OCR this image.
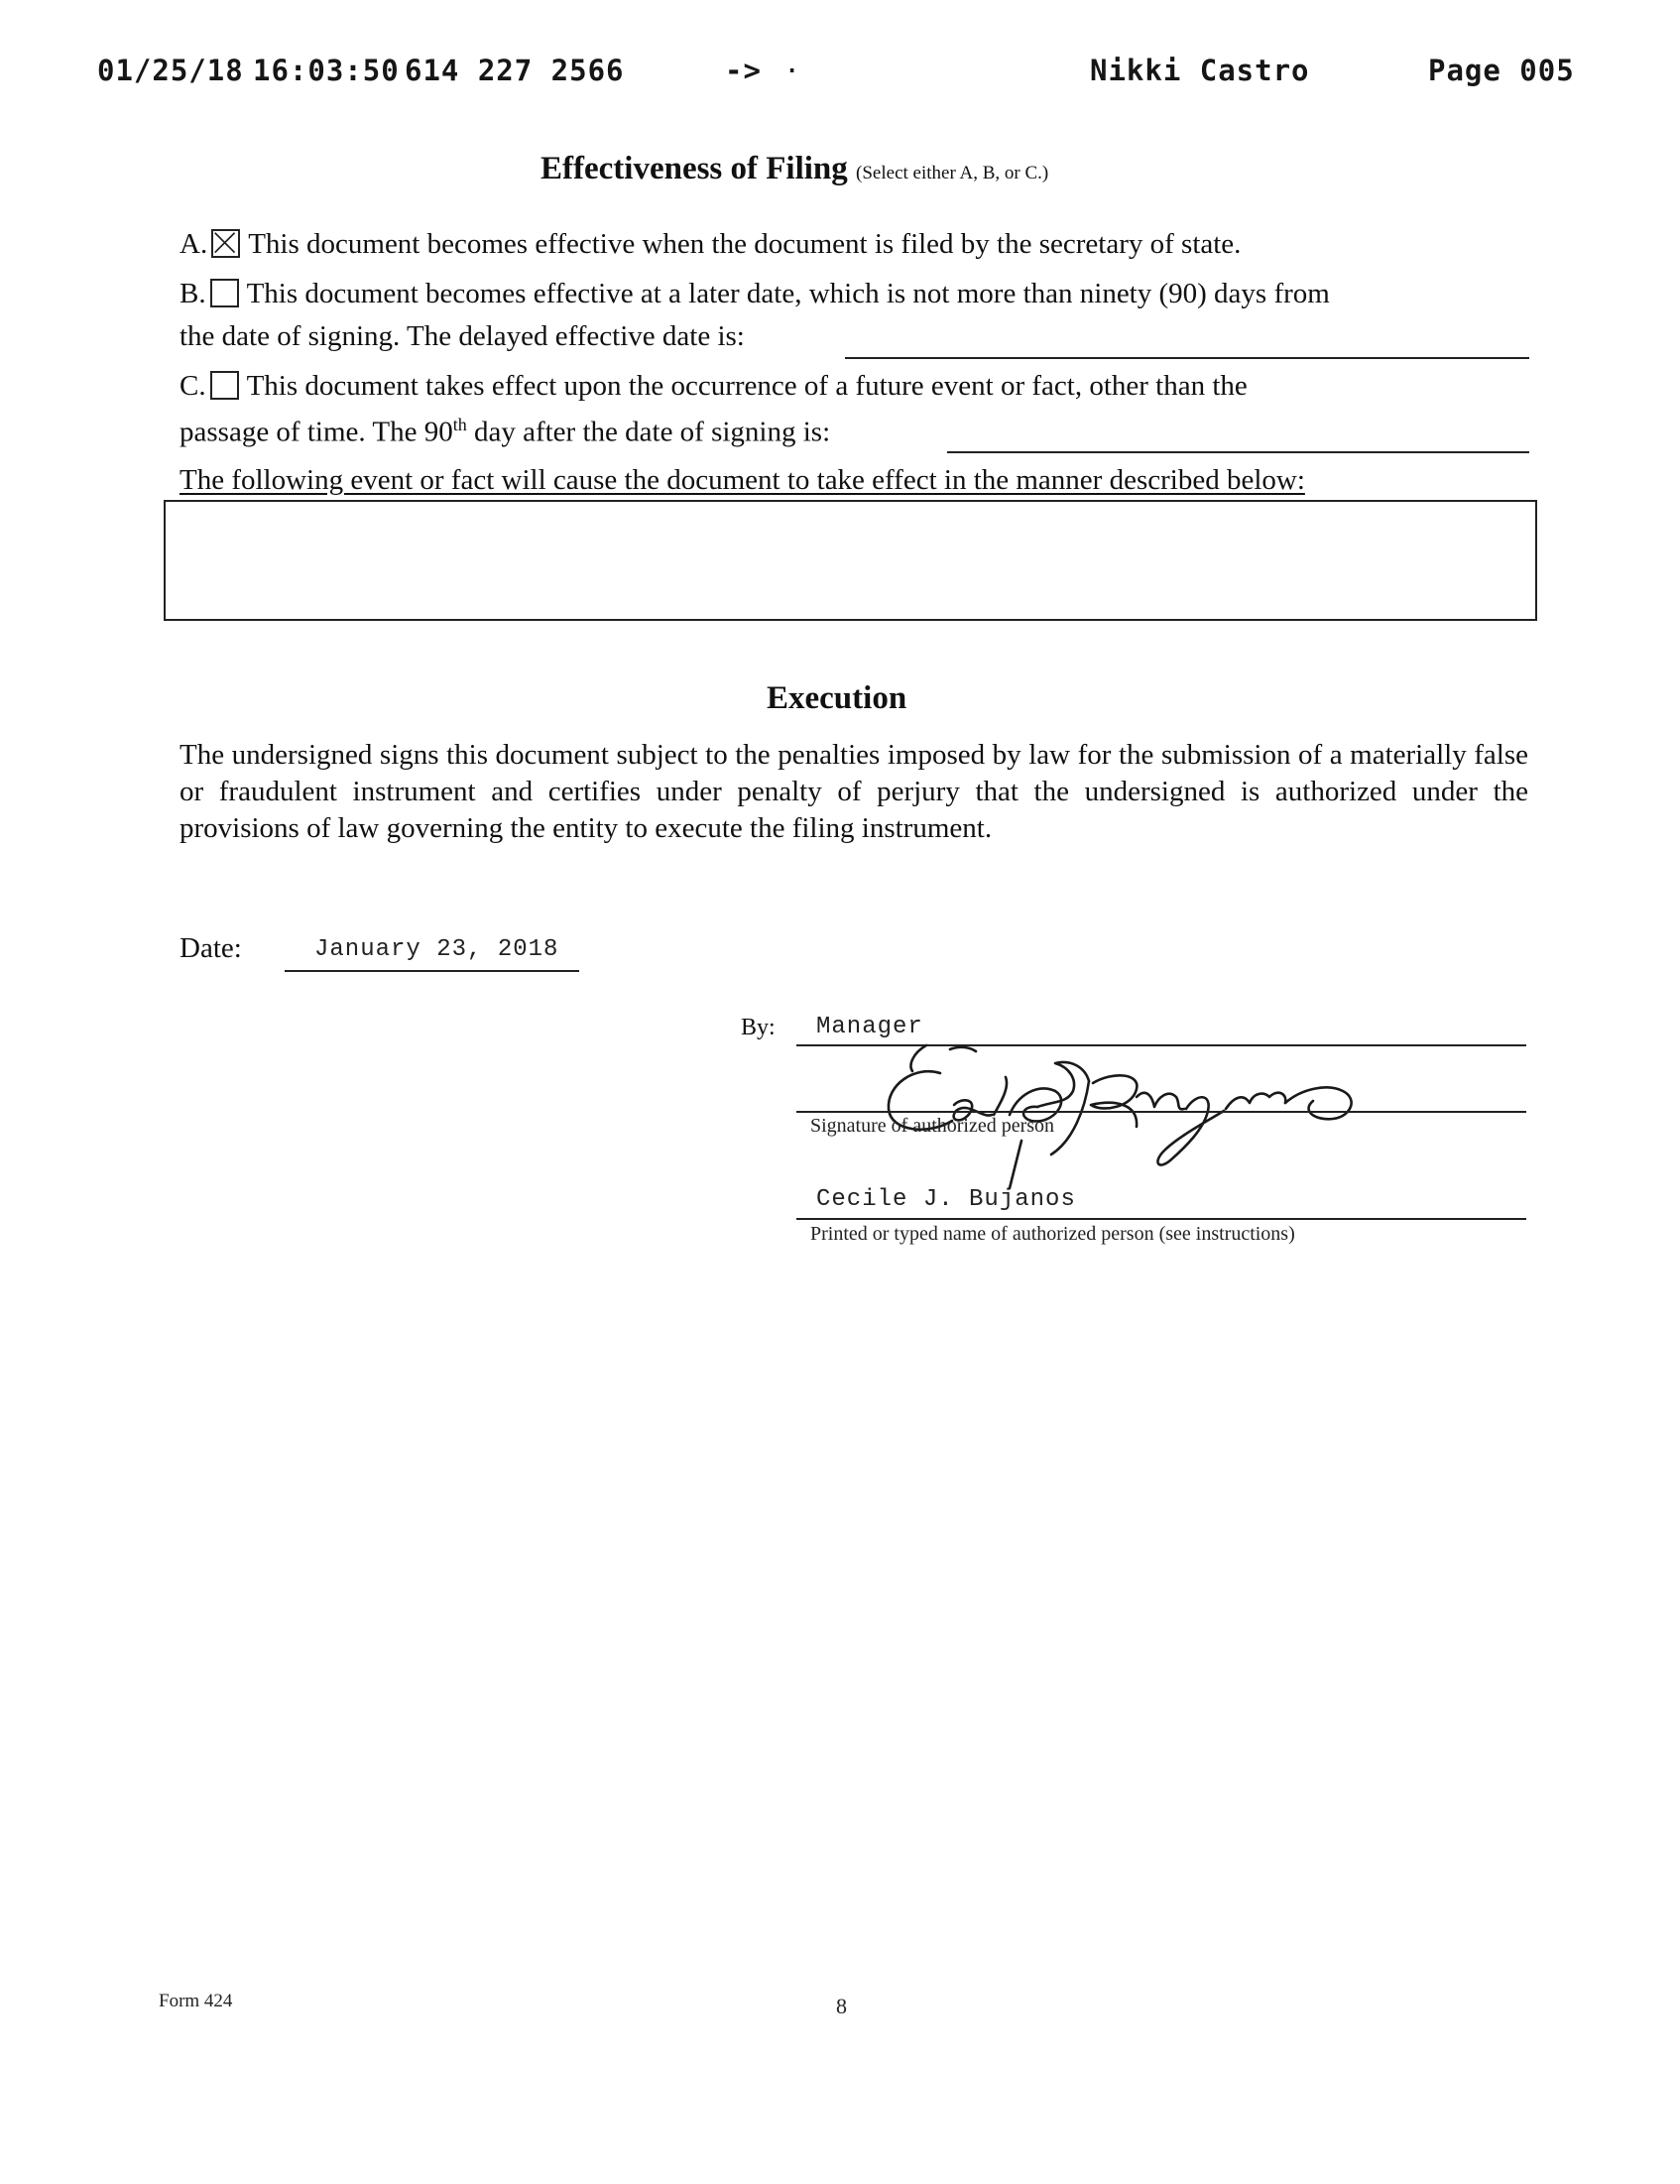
01/25/18 16:03:50 614 227 2566	-> .	Nikki Castro	Page 005
Effectiveness of Filing (Select either A, B, or C.)
A. This document becomes effective when the document is filed by the secretary of state.
B. This document becomes effective at a later date, which is not more than ninety (90) days from
the date of signing. The delayed effective date is:
C. This document takes effect upon the occurrence of a future event or fact, other than the
passage of time. The 90th day after the date of signing is:
The following event or fact will cause the document to take effect in the manner described below:
Execution
The undersigned signs this document subject to the penalties imposed by law for the submission of a materially false or fraudulent instrument and certifies under penalty of perjury that the undersigned is authorized under the provisions of law governing the entity to execute the filing instrument.
Date:	January 23, 2018
By: Manager
Signature of authorized person
Cecile J. Bujanos
Printed or typed name of authorized person (see instructions)
Form 424	8
